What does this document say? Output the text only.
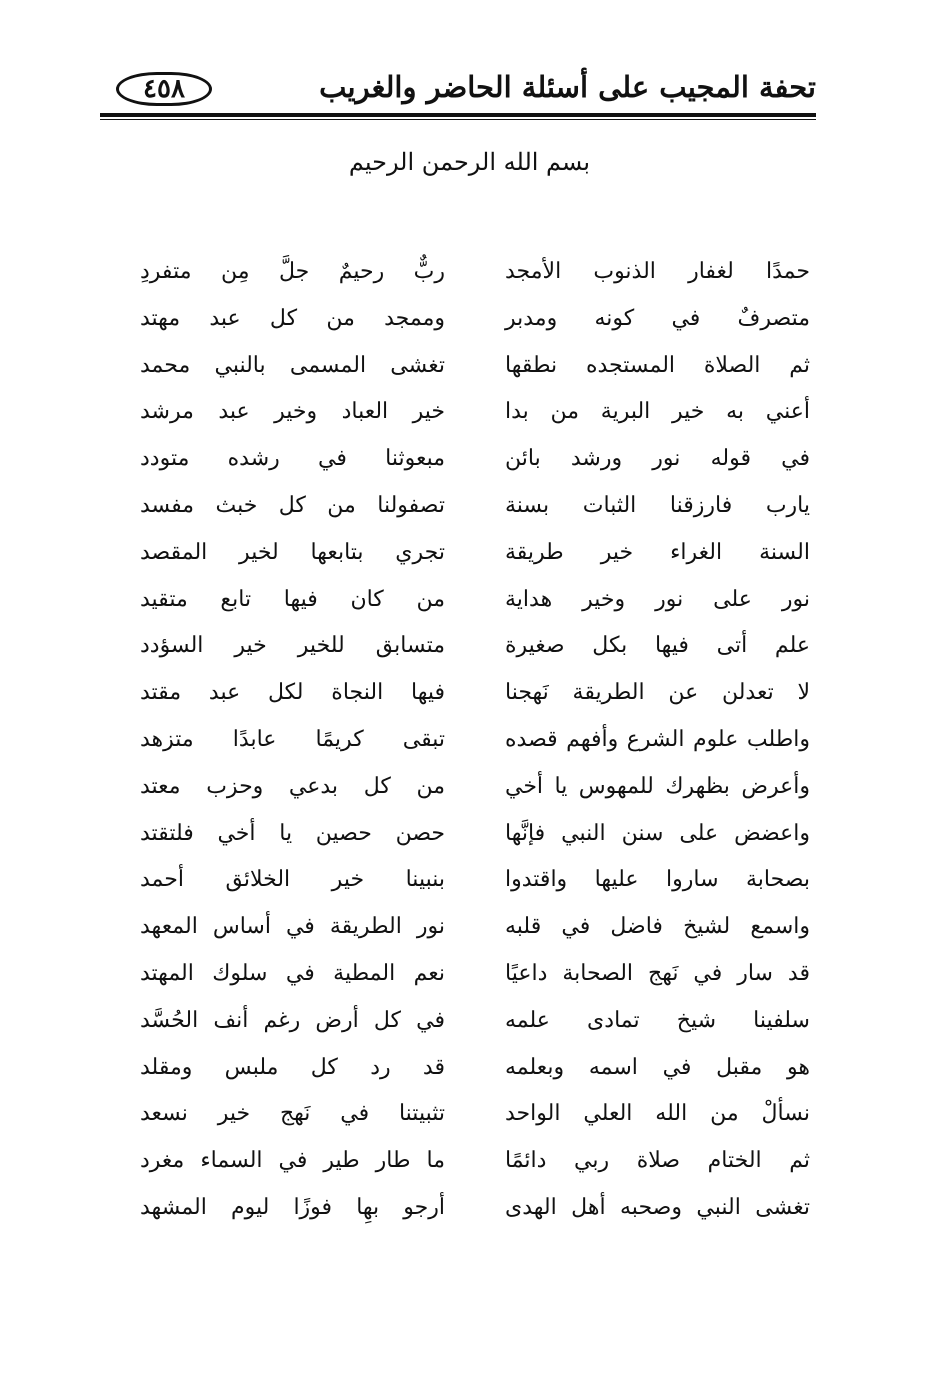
تحفة المجيب على أسئلة الحاضر والغريب
٤٥٨
بسم الله الرحمن الرحيم
حمدًا لغفار الذنوب الأمجد
ربٌّ رحيمٌ جلَّ مِن متفردِ
متصرفٌ في كونه ومدبر
وممجد من كل عبد مهتد
ثم الصلاة المستجده نطقها
تغشى المسمى بالنبي محمد
أعني به خير البرية من بدا
خير العباد وخير عبد مرشد
في قوله نور ورشد بائن
مبعوثنا في رشده متودد
يارب فارزقنا الثبات بسنة
تصفولنا من كل خبث مفسد
السنة الغراء خير طريقة
تجري بتابعها لخير المقصد
نور على نور وخير هداية
من كان فيها تابع متقيد
علم أتى فيها بكل صغيرة
متسابق للخير خير السؤدد
لا تعدلن عن الطريقة نَهجنا
فيها النجاة لكل عبد مقتد
واطلب علوم الشرع وأفهم قصده
تبقى كريمًا عابدًا متزهد
وأعرض بظهرك للمهوس يا أخي
من كل بدعي وحزب معتد
واعضض على سنن النبي فإنَّها
حصن حصين يا أخي فلتقتد
بصحابة ساروا عليها واقتدوا
بنبينا خير الخلائق أحمد
واسمع لشيخ فاضل في قلبه
نور الطريقة في أساس المعهد
قد سار في نَهج الصحابة داعيًا
نعم المطية في سلوك المهتد
سلفينا شيخ تمادى علمه
في كل أرض رغم أنف الحُسَّد
هو مقبل في اسمه وبعلمه
قد رد كل ملبس ومقلد
نسألْ من الله العلي الواحد
تثبيتنا في نَهج خير نسعد
ثم الختام صلاة ربي دائمًا
ما طار طير في السماء مغرد
تغشى النبي وصحبه أهل الهدى
أرجو بهِا فوزًا ليوم المشهد
